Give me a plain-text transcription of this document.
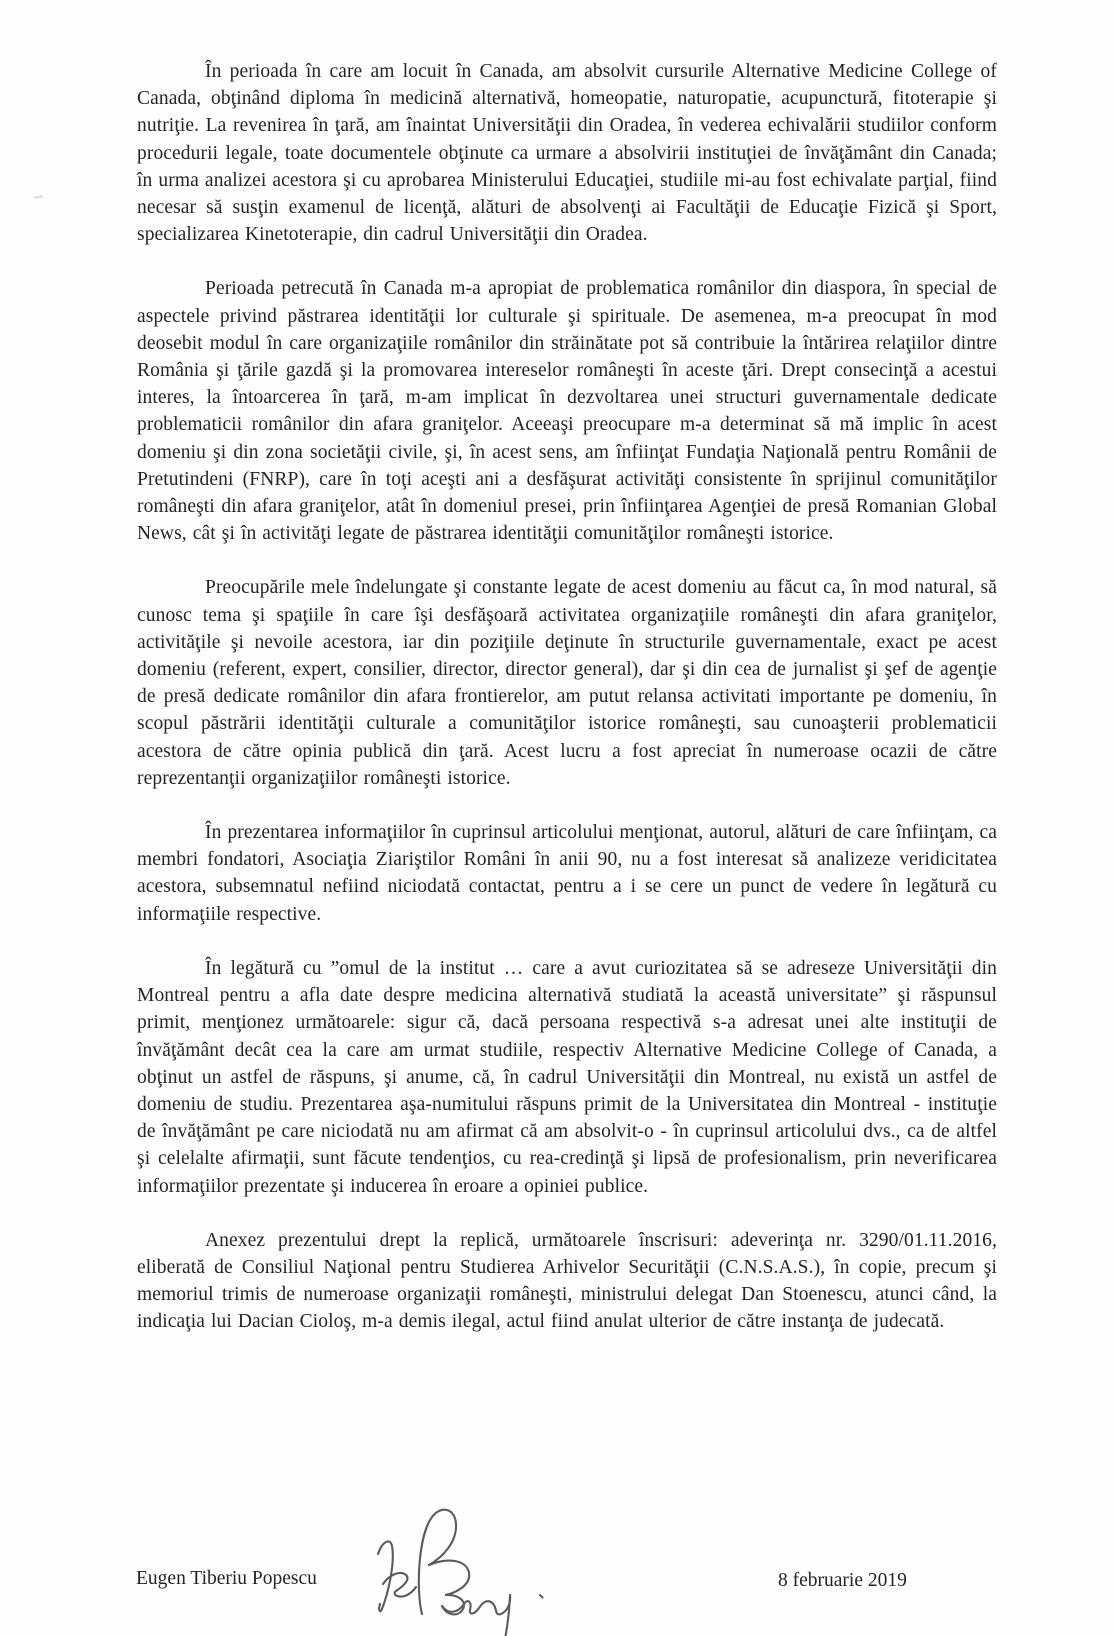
În perioada în care am locuit în Canada, am absolvit cursurile Alternative Medicine College of Canada, obţinând diploma în medicină alternativă, homeopatie, naturopatie, acupunctură, fitoterapie şi nutriţie. La revenirea în ţară, am înaintat Universităţii din Oradea, în vederea echivalării studiilor conform procedurii legale, toate documentele obţinute ca urmare a absolvirii instituţiei de învăţământ din Canada; în urma analizei acestora şi cu aprobarea Ministerului Educaţiei, studiile mi-au fost echivalate parţial, fiind necesar să susţin examenul de licenţă, alături de absolvenţi ai Facultăţii de Educaţie Fizică şi Sport, specializarea Kinetoterapie, din cadrul Universităţii din Oradea.

Perioada petrecută în Canada m-a apropiat de problematica românilor din diaspora, în special de aspectele privind păstrarea identităţii lor culturale şi spirituale. De asemenea, m-a preocupat în mod deosebit modul în care organizaţiile românilor din străinătate pot să contribuie la întărirea relaţiilor dintre România şi ţările gazdă şi la promovarea intereselor româneşti în aceste ţări. Drept consecinţă a acestui interes, la întoarcerea în ţară, m-am implicat în dezvoltarea unei structuri guvernamentale dedicate problematicii românilor din afara graniţelor. Aceeaşi preocupare m-a determinat să mă implic în acest domeniu şi din zona societăţii civile, şi, în acest sens, am înfiinţat Fundaţia Naţională pentru Românii de Pretutindeni (FNRP), care în toţi aceşti ani a desfăşurat activităţi consistente în sprijinul comunităţilor româneşti din afara graniţelor, atât în domeniul presei, prin înfiinţarea Agenţiei de presă Romanian Global News, cât şi în activităţi legate de păstrarea identităţii comunităţilor româneşti istorice.

Preocupările mele îndelungate şi constante legate de acest domeniu au făcut ca, în mod natural, să cunosc tema şi spaţiile în care îşi desfăşoară activitatea organizaţiile româneşti din afara graniţelor, activităţile şi nevoile acestora, iar din poziţiile deţinute în structurile guvernamentale, exact pe acest domeniu (referent, expert, consilier, director, director general), dar şi din cea de jurnalist şi şef de agenţie de presă dedicate românilor din afara frontierelor, am putut relansa activitati importante pe domeniu, în scopul păstrării identităţii culturale a comunităţilor istorice româneşti, sau cunoaşterii problematicii acestora de către opinia publică din ţară. Acest lucru a fost apreciat în numeroase ocazii de către reprezentanţii organizaţiilor româneşti istorice.

În prezentarea informaţiilor în cuprinsul articolului menţionat, autorul, alături de care înfiinţam, ca membri fondatori, Asociaţia Ziariştilor Români în anii 90, nu a fost interesat să analizeze veridicitatea acestora, subsemnatul nefiind niciodată contactat, pentru a i se cere un punct de vedere în legătură cu informaţiile respective.

În legătură cu ”omul de la institut … care a avut curiozitatea să se adreseze Universităţii din Montreal pentru a afla date despre medicina alternativă studiată la această universitate” şi răspunsul primit, menţionez următoarele: sigur că, dacă persoana respectivă s-a adresat unei alte instituţii de învăţământ decât cea la care am urmat studiile, respectiv Alternative Medicine College of Canada, a obţinut un astfel de răspuns, şi anume, că, în cadrul Universităţii din Montreal, nu există un astfel de domeniu de studiu. Prezentarea aşa-numitului răspuns primit de la Universitatea din Montreal - instituţie de învăţământ pe care niciodată nu am afirmat că am absolvit-o - în cuprinsul articolului dvs., ca de altfel şi celelalte afirmaţii, sunt făcute tendenţios, cu rea-credinţă şi lipsă de profesionalism, prin neverificarea informaţiilor prezentate şi inducerea în eroare a opiniei publice.

Anexez prezentului drept la replică, următoarele înscrisuri: adeverinţa nr. 3290/01.11.2016, eliberată de Consiliul Naţional pentru Studierea Arhivelor Securităţii (C.N.S.A.S.), în copie, precum şi memoriul trimis de numeroase organizaţii româneşti, ministrului delegat Dan Stoenescu, atunci când, la indicaţia lui Dacian Cioloş, m-a demis ilegal, actul fiind anulat ulterior de către instanţa de judecată.

Eugen Tiberiu Popescu	8 februarie 2019
